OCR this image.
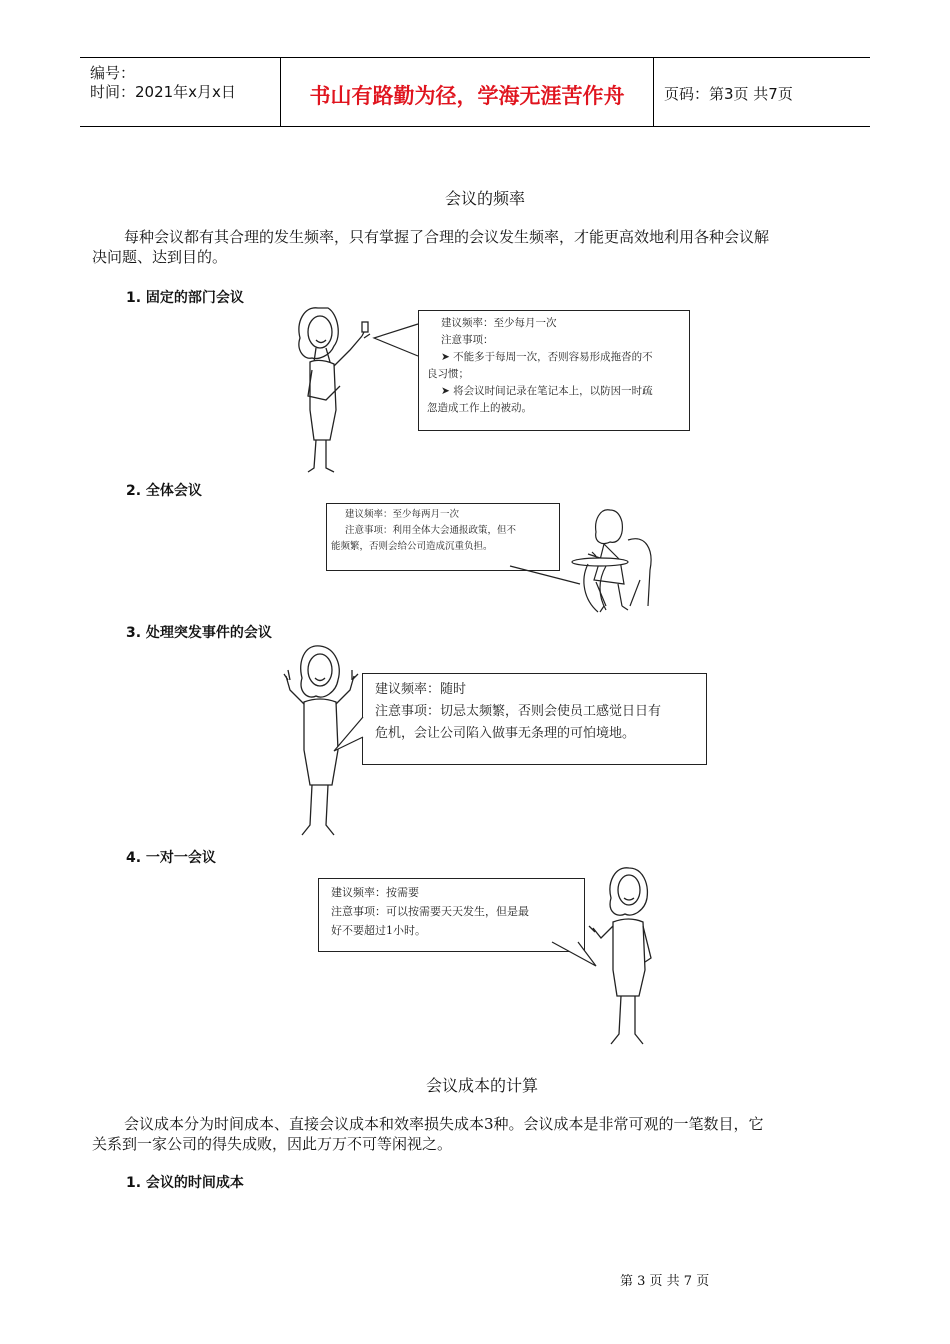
编号：
时间：2021年x月x日	书山有路勤为径，学海无涯苦作舟	页码：第3页 共7页
会议的频率
每种会议都有其合理的发生频率，只有掌握了合理的会议发生频率，才能更高效地利用各种会议解
决问题、达到目的。
1. 固定的部门会议
建议频率：至少每月一次
注意事项：
➤ 不能多于每周一次，否则容易形成拖沓的不
良习惯；
➤ 将会议时间记录在笔记本上，以防因一时疏
忽造成工作上的被动。
2. 全体会议
建议频率：至少每两月一次
注意事项：利用全体大会通报政策，但不
能频繁，否则会给公司造成沉重负担。
3. 处理突发事件的会议
建议频率：随时
注意事项：切忌太频繁，否则会使员工感觉日日有
危机，会让公司陷入做事无条理的可怕境地。
4. 一对一会议
建议频率：按需要
注意事项：可以按需要天天发生，但是最
好不要超过1小时。
会议成本的计算
会议成本分为时间成本、直接会议成本和效率损失成本3种。会议成本是非常可观的一笔数目，它
关系到一家公司的得失成败，因此万万不可等闲视之。
1. 会议的时间成本
第 3 页 共 7 页
